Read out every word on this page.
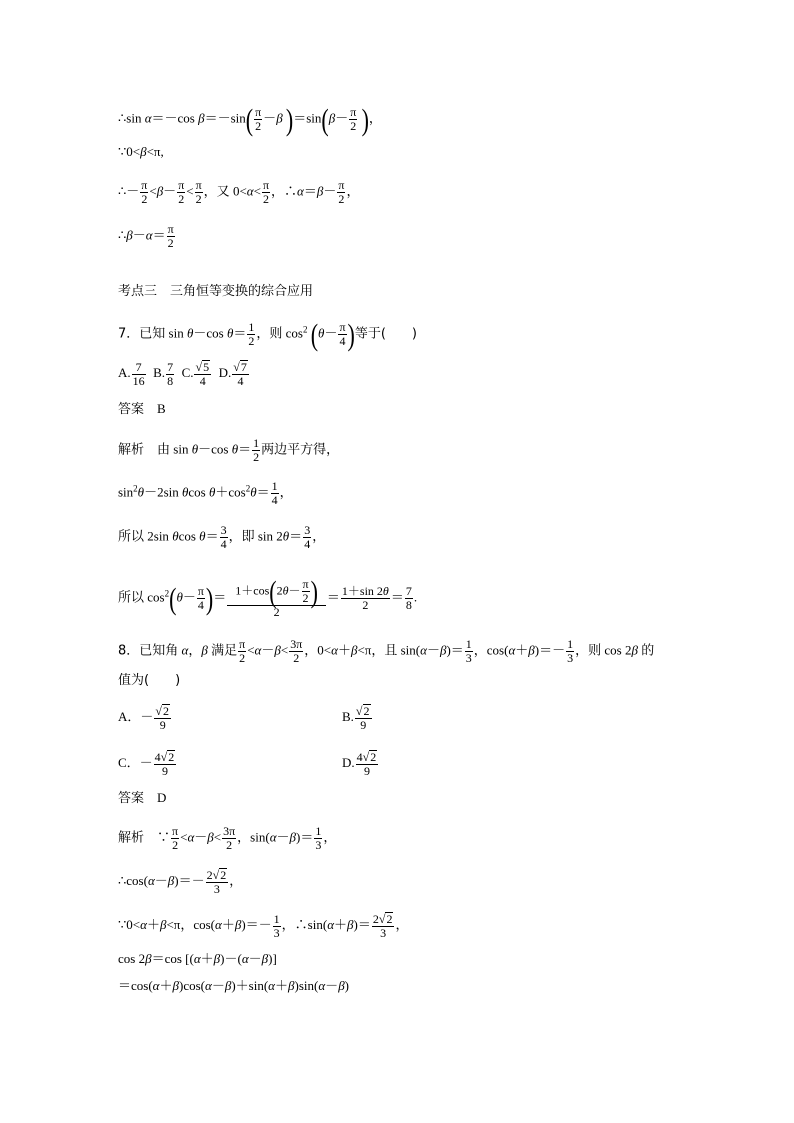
∴sin α＝－cos $\beta=-\sin( \frac{\pi}{2} -\beta$ )$=\sin(\beta- \frac{\pi}{2}$ )，
∵0<β<π,
∴－ $\frac{\pi}{2} <\beta- \frac{\pi}{2} < \frac{\pi}{2}$ ，又 $0<\alpha< \frac{\pi}{2}$ ，∴α＝β－ $\frac{\pi}{2}$ ，
∴β－α＝ $\frac{\pi}{2}$
考点三　三角恒等变换的综合应用
7．已知 sin θ－cos $\theta= \frac{1}{2}$ ，则 $\cos^2 (\theta- \frac{\pi}{4}$ )等于(　　)
A. $\frac{7}{16} B$. $\frac{7}{8} C$. $\frac{√5}{4} D$. $\frac{√7}{4}$
答案　 B
解析　 由 sin θ－cos $\theta= \frac{1}{2}$ 两边平方得，
$\sin^2\theta-2\sin$ θcos $\theta+\cos^2\theta= \frac{1}{4}$ ，
所以 2sin θcos $\theta= \frac{3}{4}$ ，即 $\sin 2\theta= \frac{3}{4}$ ，
所以 $\cos^2(\theta- \frac{\pi}{4}$ )＝ $\frac{1+\cos(2\theta- \frac{\pi}{2} )}{2} = \frac{1+\sin 2\theta}{2} = \frac{7}{8}$ .
8．已知角 α，β 满足 $\frac{\pi}{2} <\alpha-\beta< \frac{3\pi}{2}$ ，0<α＋β<π，且 $\sin(\alpha-\beta)= \frac{1}{3}$ ，$\cos(\alpha+\beta)=- \frac{1}{3}$ ，则 cos 2β 的
值为(　　)
A．－ $\frac{√2}{9}$	B. $\frac{√2}{9}$
C．－ $\frac{4√2}{9}$	D. $\frac{4√2}{9}$
答案　 D
解析　∵ $\frac{\pi}{2} <\alpha-\beta< \frac{3\pi}{2}$ ，$\sin(\alpha-\beta)= \frac{1}{3}$ ，
∴cos(α－β)＝－ $\frac{2√2}{3}$ ，
∵0<α＋β<π，$\cos(\alpha+\beta)=- \frac{1}{3}$ ，∴sin(α＋β)＝ $\frac{2√2}{3}$ ，
cos 2β＝cos [(α＋β)－(α－β)]
＝cos(α＋β)cos(α－β)＋sin(α＋β)sin(α－β)
